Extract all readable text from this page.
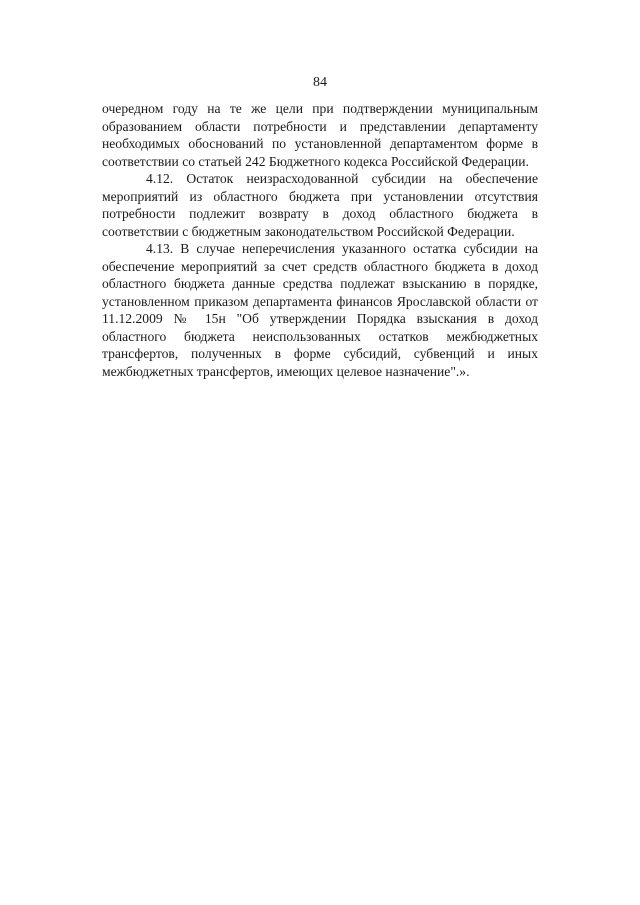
84

очередном году на те же цели при подтверждении муниципальным образованием области потребности и представлении департаменту необходимых обоснований по установленной департаментом форме в соответствии со статьей 242 Бюджетного кодекса Российской Федерации.

4.12. Остаток неизрасходованной субсидии на обеспечение мероприятий из областного бюджета при установлении отсутствия потребности подлежит возврату в доход областного бюджета в соответствии с бюджетным законодательством Российской Федерации.

4.13. В случае неперечисления указанного остатка субсидии на обеспечение мероприятий за счет средств областного бюджета в доход областного бюджета данные средства подлежат взысканию в порядке, установленном приказом департамента финансов Ярославской области от 11.12.2009 № 15н "Об утверждении Порядка взыскания в доход областного бюджета неиспользованных остатков межбюджетных трансфертов, полученных в форме субсидий, субвенций и иных межбюджетных трансфертов, имеющих целевое назначение".».
